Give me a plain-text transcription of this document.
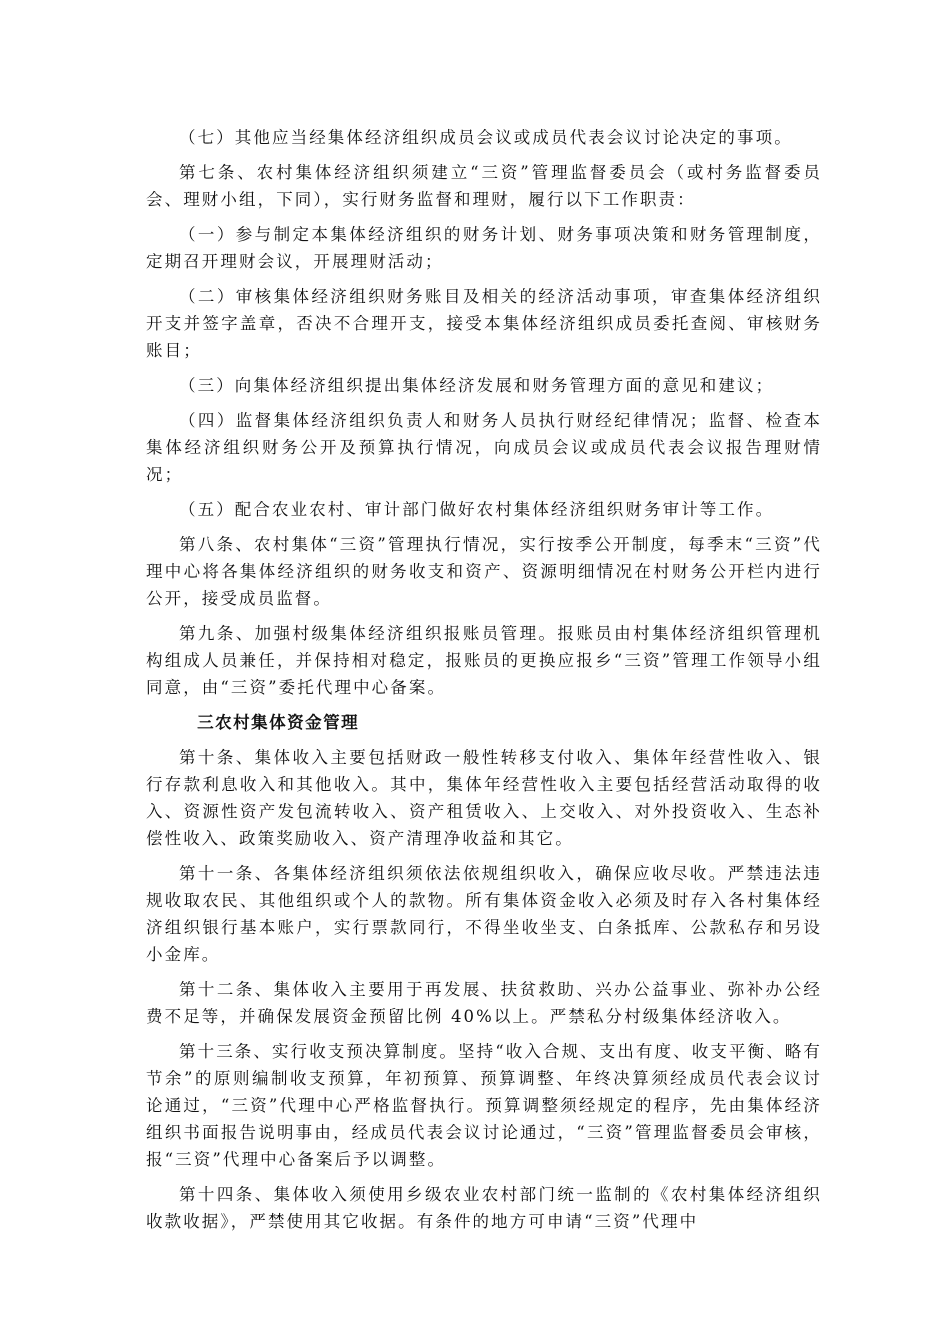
（七）其他应当经集体经济组织成员会议或成员代表会议讨论决定的事项。

第七条、农村集体经济组织须建立“三资”管理监督委员会（或村务监督委员会、理财小组，下同），实行财务监督和理财，履行以下工作职责：

（一）参与制定本集体经济组织的财务计划、财务事项决策和财务管理制度，定期召开理财会议，开展理财活动；

（二）审核集体经济组织财务账目及相关的经济活动事项，审查集体经济组织开支并签字盖章，否决不合理开支，接受本集体经济组织成员委托查阅、审核财务账目；

（三）向集体经济组织提出集体经济发展和财务管理方面的意见和建议；

（四）监督集体经济组织负责人和财务人员执行财经纪律情况；监督、检查本集体经济组织财务公开及预算执行情况，向成员会议或成员代表会议报告理财情况；

（五）配合农业农村、审计部门做好农村集体经济组织财务审计等工作。

第八条、农村集体“三资”管理执行情况，实行按季公开制度，每季末“三资”代理中心将各集体经济组织的财务收支和资产、资源明细情况在村财务公开栏内进行公开，接受成员监督。

第九条、加强村级集体经济组织报账员管理。报账员由村集体经济组织管理机构组成人员兼任，并保持相对稳定，报账员的更换应报乡“三资”管理工作领导小组同意，由“三资”委托代理中心备案。

三农村集体资金管理

第十条、集体收入主要包括财政一般性转移支付收入、集体年经营性收入、银行存款利息收入和其他收入。其中，集体年经营性收入主要包括经营活动取得的收入、资源性资产发包流转收入、资产租赁收入、上交收入、对外投资收入、生态补偿性收入、政策奖励收入、资产清理净收益和其它。

第十一条、各集体经济组织须依法依规组织收入，确保应收尽收。严禁违法违规收取农民、其他组织或个人的款物。所有集体资金收入必须及时存入各村集体经济组织银行基本账户，实行票款同行，不得坐收坐支、白条抵库、公款私存和另设小金库。

第十二条、集体收入主要用于再发展、扶贫救助、兴办公益事业、弥补办公经费不足等，并确保发展资金预留比例 40%以上。严禁私分村级集体经济收入。

第十三条、实行收支预决算制度。坚持“收入合规、支出有度、收支平衡、略有节余”的原则编制收支预算，年初预算、预算调整、年终决算须经成员代表会议讨论通过，“三资”代理中心严格监督执行。预算调整须经规定的程序，先由集体经济组织书面报告说明事由，经成员代表会议讨论通过，“三资”管理监督委员会审核，报“三资”代理中心备案后予以调整。

第十四条、集体收入须使用乡级农业农村部门统一监制的《农村集体经济组织收款收据》，严禁使用其它收据。有条件的地方可申请“三资”代理中
